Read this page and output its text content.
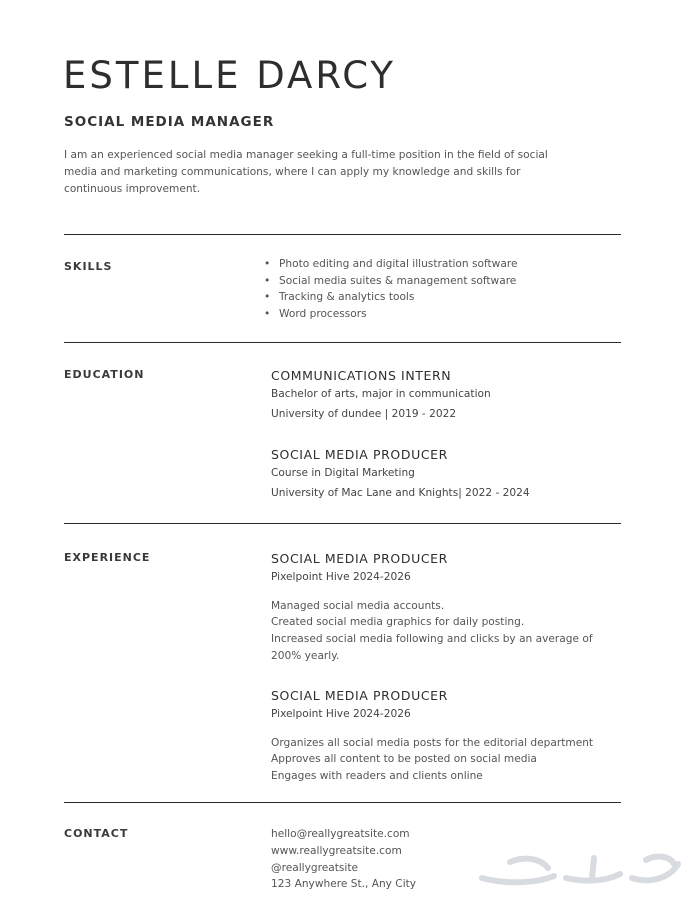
ESTELLE DARCY
SOCIAL MEDIA MANAGER
I am an experienced social media manager seeking a full-time position in the field of social
media and marketing communications, where I can apply my knowledge and skills for
continuous improvement.
SKILLS	• Photo editing and digital illustration software
• Social media suites & management software
• Tracking & analytics tools
• Word processors
EDUCATION	COMMUNICATIONS INTERN
Bachelor of arts, major in communication
University of dundee | 2019 - 2022
SOCIAL MEDIA PRODUCER
Course in Digital Marketing
University of Mac Lane and Knights| 2022 - 2024
EXPERIENCE	SOCIAL MEDIA PRODUCER
Pixelpoint Hive 2024-2026
Managed social media accounts.
Created social media graphics for daily posting.
Increased social media following and clicks by an average of
200% yearly.
SOCIAL MEDIA PRODUCER
Pixelpoint Hive 2024-2026
Organizes all social media posts for the editorial department
Approves all content to be posted on social media
Engages with readers and clients online
CONTACT	hello@reallygreatsite.com
www.reallygreatsite.com
@reallygreatsite
123 Anywhere St., Any City
